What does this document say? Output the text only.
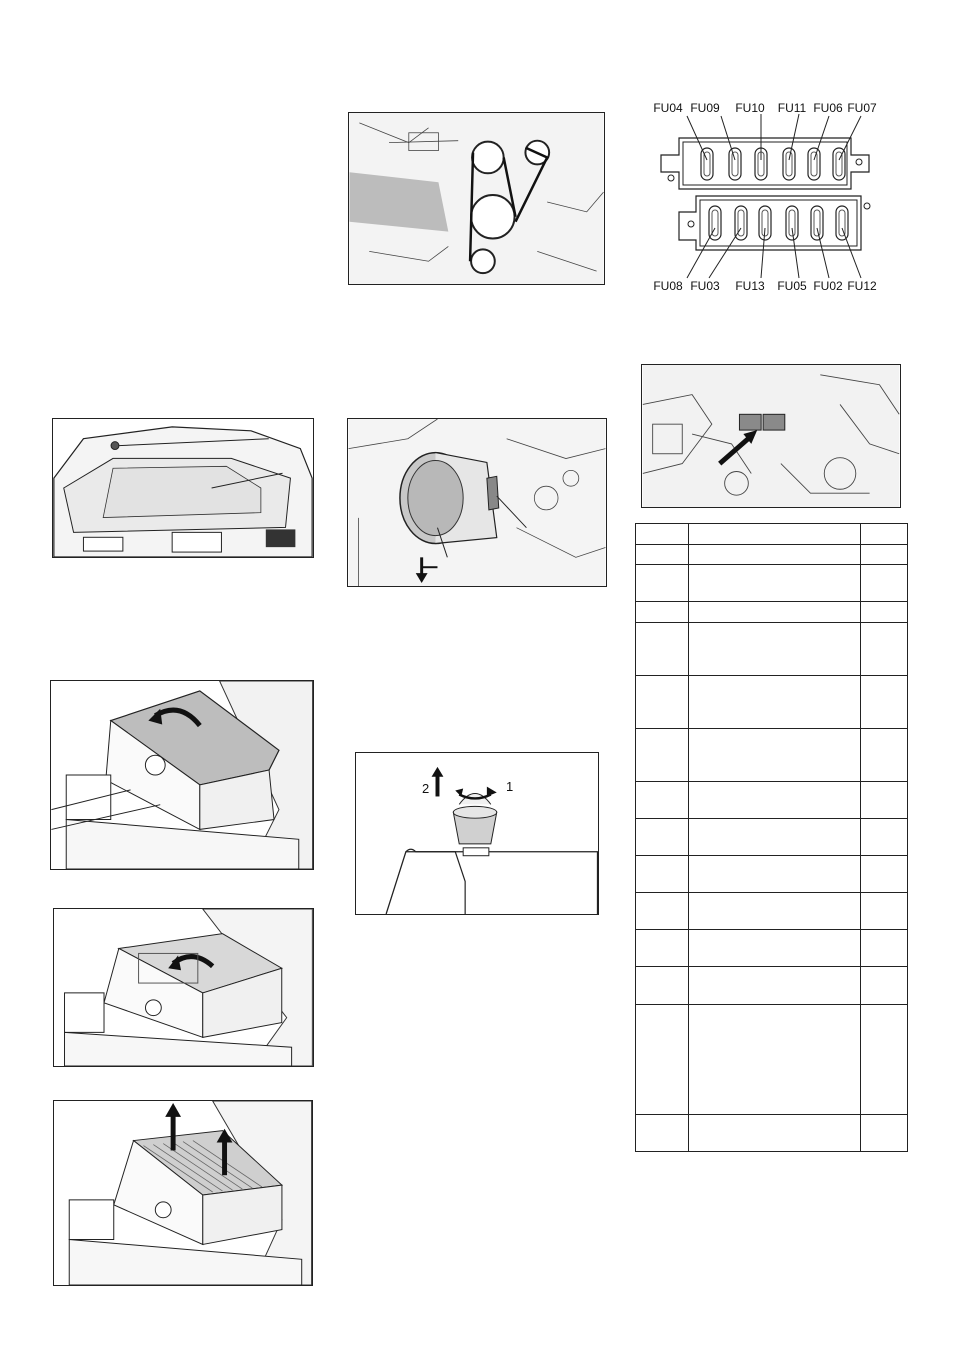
2	1
FU04 FU09 FU10 FU11 FU06 FU07
FU08 FU03 FU13 FU05 FU02 FU12
